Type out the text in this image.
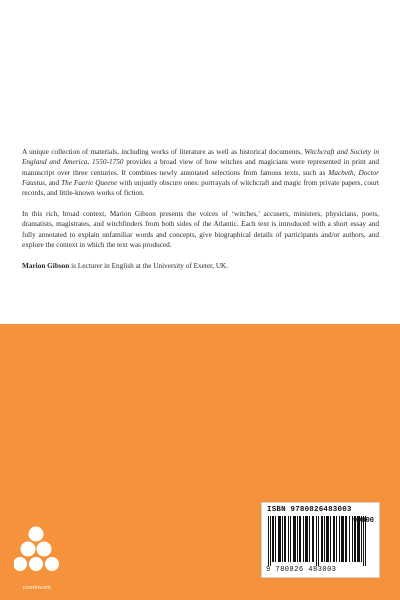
A unique collection of materials, including works of literature as well as historical documents, Witchcraft and Society in England and America, 1550-1750 provides a broad view of how witches and magicians were represented in print and manuscript over three centuries. It combines newly annotated selections from famous texts, such as Macbeth, Doctor Faustus, and The Faerie Queene with unjustly obscure ones: portrayals of witchcraft and magic from private papers, court records, and little-known works of fiction.

In this rich, broad context, Marion Gibson presents the voices of ‘witches,’ accusers, ministers, physicians, poets, dramatists, magistrates, and witchfinders from both sides of the Atlantic. Each text is introduced with a short essay and fully annotated to explain unfamiliar words and concepts, give biographical details of participants and/or authors, and explore the context in which the text was produced.

Marion Gibson is Lecturer in English at the University of Exeter, UK.

continuum
ISBN 9780826483003
90000
9 780826 483003
